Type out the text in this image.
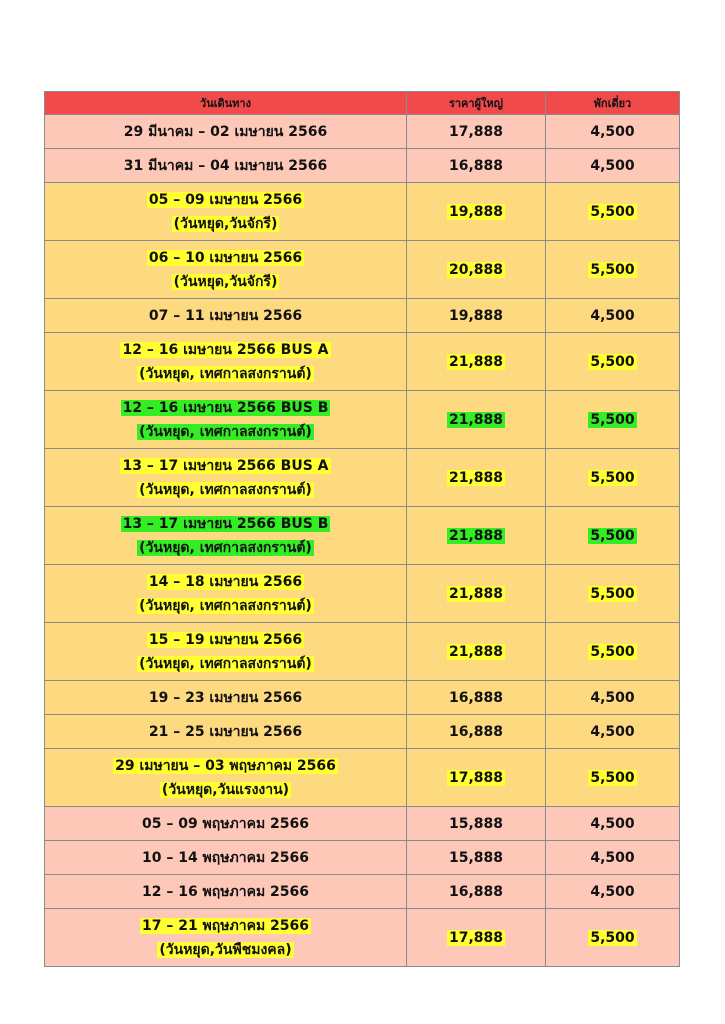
วันเดินทาง	ราคาผู้ใหญ่	พักเดี่ยว
29 มีนาคม – 02 เมษายน 2566	17,888	4,500
31 มีนาคม – 04 เมษายน 2566	16,888	4,500
05 – 09 เมษายน 2566
(วันหยุด,วันจักรี)	19,888	5,500
06 – 10 เมษายน 2566
(วันหยุด,วันจักรี)	20,888	5,500
07 – 11 เมษายน 2566	19,888	4,500
12 – 16 เมษายน 2566 BUS A
(วันหยุด, เทศกาลสงกรานต์)	21,888	5,500
12 – 16 เมษายน 2566 BUS B
(วันหยุด, เทศกาลสงกรานต์)	21,888	5,500
13 – 17 เมษายน 2566 BUS A
(วันหยุด, เทศกาลสงกรานต์)	21,888	5,500
13 – 17 เมษายน 2566 BUS B
(วันหยุด, เทศกาลสงกรานต์)	21,888	5,500
14 – 18 เมษายน 2566
(วันหยุด, เทศกาลสงกรานต์)	21,888	5,500
15 – 19 เมษายน 2566
(วันหยุด, เทศกาลสงกรานต์)	21,888	5,500
19 – 23 เมษายน 2566	16,888	4,500
21 – 25 เมษายน 2566	16,888	4,500
29 เมษายน – 03 พฤษภาคม 2566
(วันหยุด,วันแรงงาน)	17,888	5,500
05 – 09 พฤษภาคม 2566	15,888	4,500
10 – 14 พฤษภาคม 2566	15,888	4,500
12 – 16 พฤษภาคม 2566	16,888	4,500
17 – 21 พฤษภาคม 2566
(วันหยุด,วันพืชมงคล)	17,888	5,500
